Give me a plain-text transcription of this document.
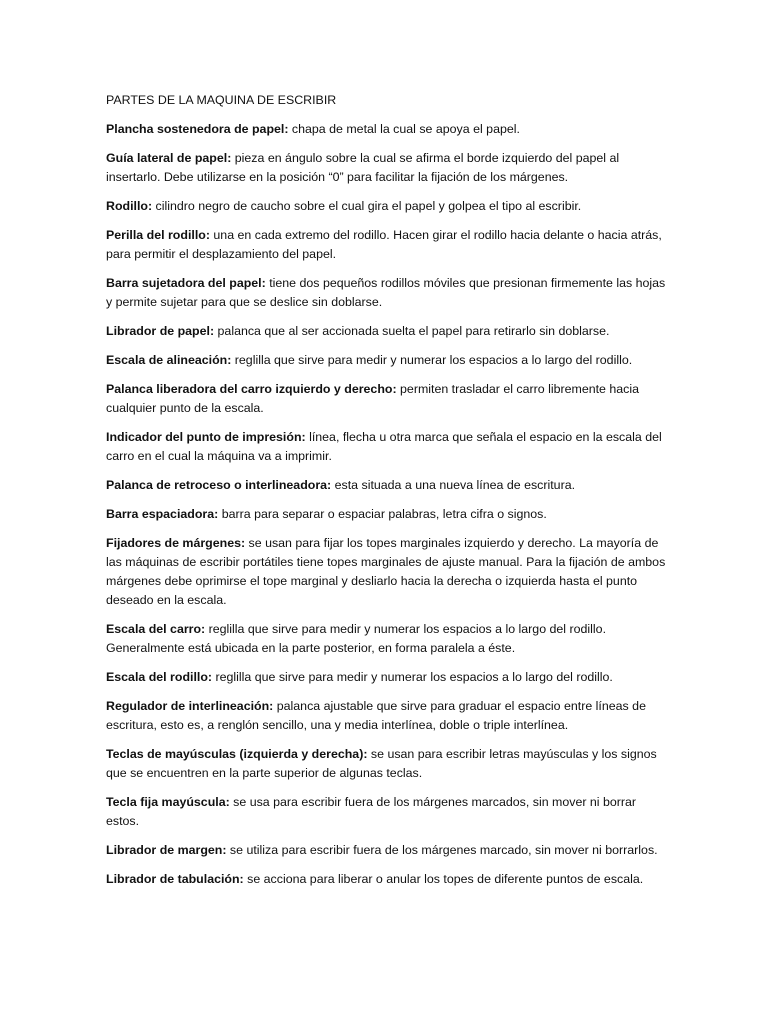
PARTES DE LA MAQUINA DE ESCRIBIR

Plancha sostenedora de papel: chapa de metal la cual se apoya el papel.

Guía lateral de papel: pieza en ángulo sobre la cual se afirma el borde izquierdo del papel al insertarlo. Debe utilizarse en la posición “0” para facilitar la fijación de los márgenes.

Rodillo: cilindro negro de caucho sobre el cual gira el papel y golpea el tipo al escribir.

Perilla del rodillo: una en cada extremo del rodillo. Hacen girar el rodillo hacia delante o hacia atrás, para permitir el desplazamiento del papel.

Barra sujetadora del papel: tiene dos pequeños rodillos móviles que presionan firmemente las hojas y permite sujetar para que se deslice sin doblarse.

Librador de papel: palanca que al ser accionada suelta el papel para retirarlo sin doblarse.

Escala de alineación: reglilla que sirve para medir y numerar los espacios a lo largo del rodillo.

Palanca liberadora del carro izquierdo y derecho: permiten trasladar el carro libremente hacia cualquier punto de la escala.

Indicador del punto de impresión: línea, flecha u otra marca que señala el espacio en la escala del carro en el cual la máquina va a imprimir.

Palanca de retroceso o interlineadora: esta situada a una nueva línea de escritura.

Barra espaciadora: barra para separar o espaciar palabras, letra cifra o signos.

Fijadores de márgenes: se usan para fijar los topes marginales izquierdo y derecho. La mayoría de las máquinas de escribir portátiles tiene topes marginales de ajuste manual. Para la fijación de ambos márgenes debe oprimirse el tope marginal y desliarlo hacia la derecha o izquierda hasta el punto deseado en la escala.

Escala del carro: reglilla que sirve para medir y numerar los espacios a lo largo del rodillo. Generalmente está ubicada en la parte posterior, en forma paralela a éste.

Escala del rodillo: reglilla que sirve para medir y numerar los espacios a lo largo del rodillo.

Regulador de interlineación: palanca ajustable que sirve para graduar el espacio entre líneas de escritura, esto es, a renglón sencillo, una y media interlínea, doble o triple interlínea.

Teclas de mayúsculas (izquierda y derecha): se usan para escribir letras mayúsculas y los signos que se encuentren en la parte superior de algunas teclas.

Tecla fija mayúscula: se usa para escribir fuera de los márgenes marcados, sin mover ni borrar estos.

Librador de margen: se utiliza para escribir fuera de los márgenes marcado, sin mover ni borrarlos.

Librador de tabulación: se acciona para liberar o anular los topes de diferente puntos de escala.
